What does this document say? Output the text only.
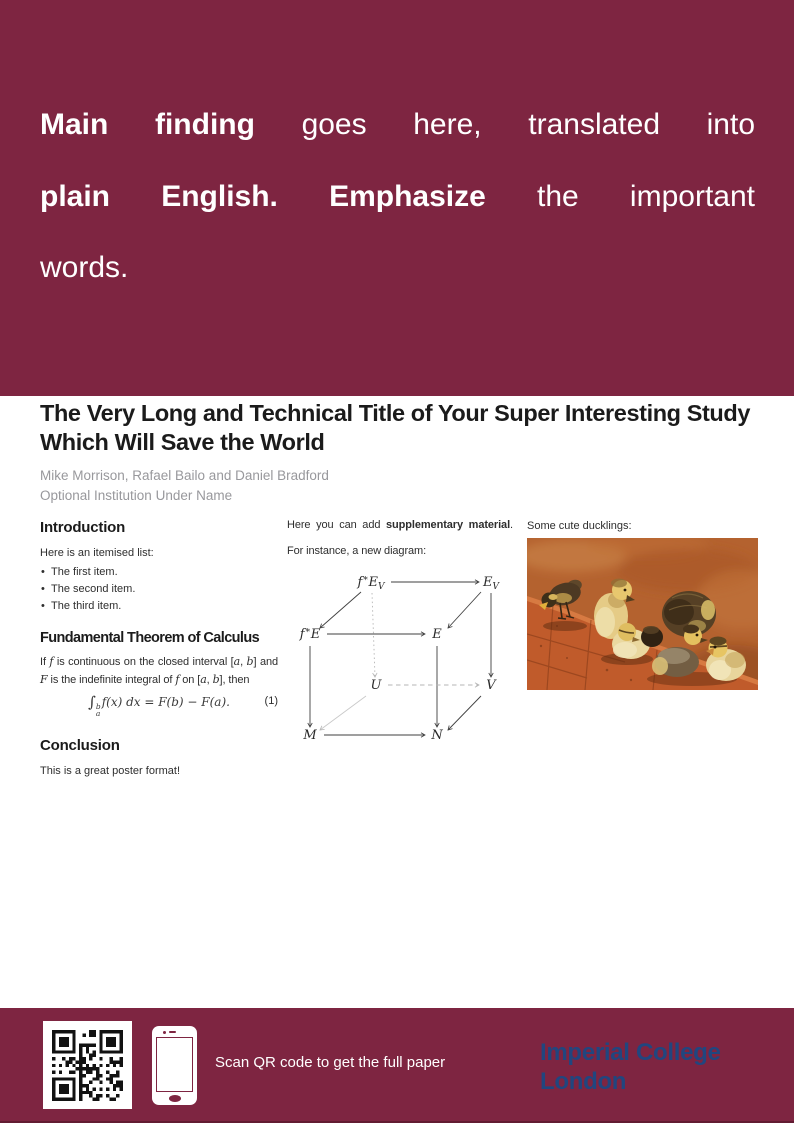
Main finding goes here, translated into
plain English. Emphasize the important
words.
The Very Long and Technical Title of Your Super Interesting Study Which Will Save the World

Mike Morrison, Rafael Bailo and Daniel Bradford

Optional Institution Under Name

Introduction

Here is an itemised list:

• The first item.
• The second item.
• The third item.
Fundamental Theorem of Calculus

If f is continuous on the closed interval [a, b] and F is the indefinite integral of f on [a, b], then

∫ b
a
f(x) dx = F(b) − F(a).	(1)
Conclusion

This is a great poster format!

Here you can add supplementary material. For instance, a new diagram:

$f^∗E_V$	$E_V$
f∗E	E
U	V
M	N

Some cute ducklings:

Scan QR code to get the full paper	Imperial College
London
